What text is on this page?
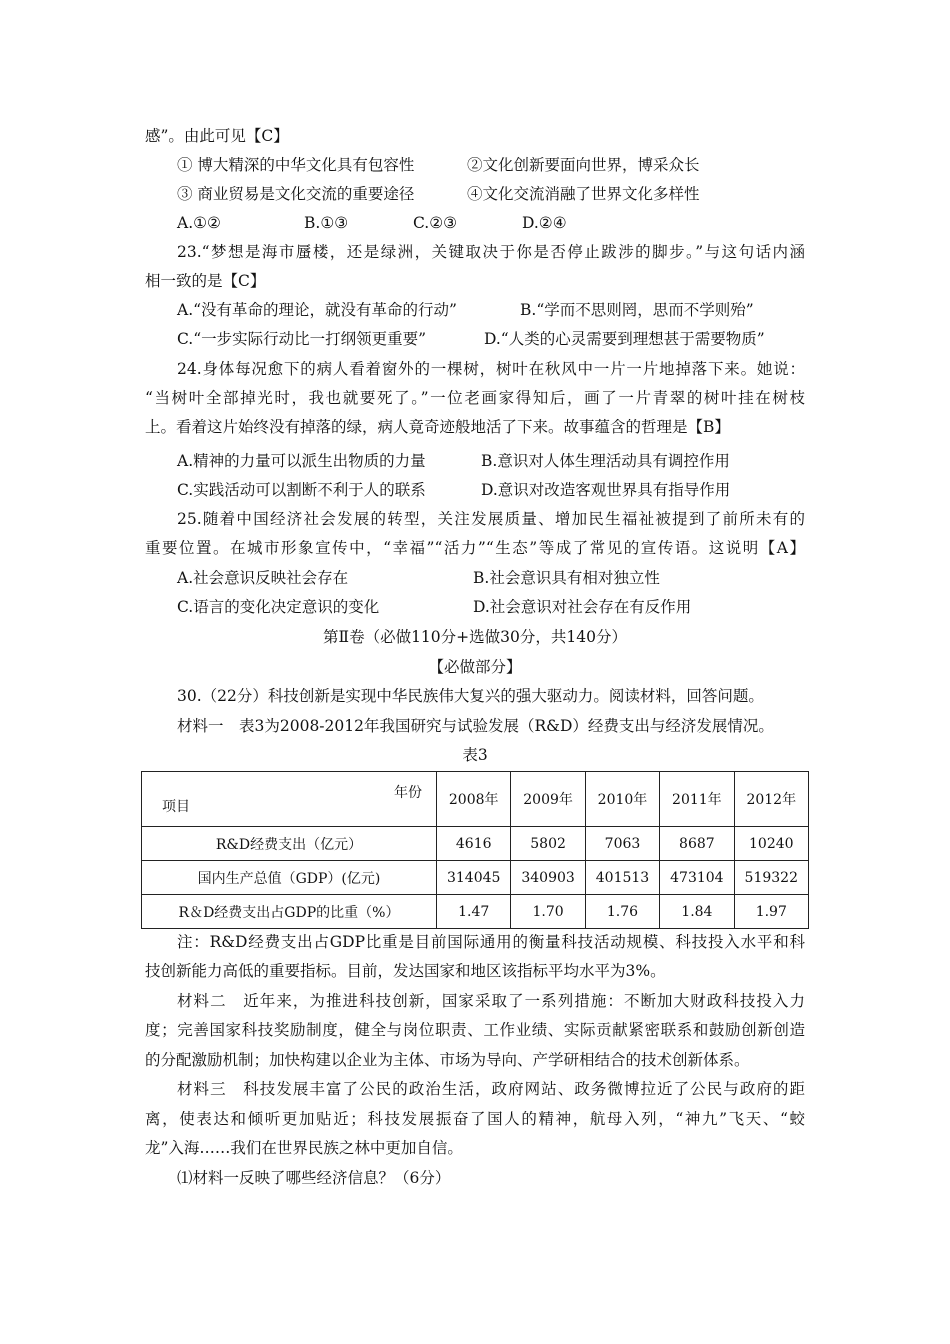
感”。由此可见【C】
① 博大精深的中华文化具有包容性	②文化创新要面向世界，博采众长
③ 商业贸易是文化交流的重要途径	④文化交流消融了世界文化多样性
A.①②	B.①③	C.②③	D.②④
23.“梦想是海市蜃楼，还是绿洲，关键取决于你是否停止跋涉的脚步。”与这句话内涵
相一致的是【C】
A.“没有革命的理论，就没有革命的行动”	B.“学而不思则罔，思而不学则殆”
C.“一步实际行动比一打纲领更重要”	D.“人类的心灵需要到理想甚于需要物质”
24.身体每况愈下的病人看着窗外的一棵树，树叶在秋风中一片一片地掉落下来。她说：
“当树叶全部掉光时，我也就要死了。”一位老画家得知后，画了一片青翠的树叶挂在树枝
上。看着这片始终没有掉落的绿，病人竟奇迹般地活了下来。故事蕴含的哲理是【B】
A.精神的力量可以派生出物质的力量	B.意识对人体生理活动具有调控作用
C.实践活动可以割断不利于人的联系	D.意识对改造客观世界具有指导作用
25.随着中国经济社会发展的转型，关注发展质量、增加民生福祉被提到了前所未有的
重要位置。在城市形象宣传中，“幸福”“活力”“生态”等成了常见的宣传语。这说明【A】
A.社会意识反映社会存在	B.社会意识具有相对独立性
C.语言的变化决定意识的变化	D.社会意识对社会存在有反作用
第Ⅱ卷（必做110分+选做30分，共140分）
【必做部分】
30.（22分）科技创新是实现中华民族伟大复兴的强大驱动力。阅读材料，回答问题。
材料一　表3为2008-2012年我国研究与试验发展（R&D）经费支出与经济发展情况。
表3
年份
项目	2008年	2009年	2010年	2011年	2012年
R&D经费支出（亿元）	4616	5802	7063	8687	10240
国内生产总值（GDP）(亿元)	314045	340903	401513	473104	519322
R＆D经费支出占GDP的比重（%）	1.47	1.70	1.76	1.84	1.97
注：R&D经费支出占GDP比重是目前国际通用的衡量科技活动规模、科技投入水平和科
技创新能力高低的重要指标。目前，发达国家和地区该指标平均水平为3%。
材料二　近年来，为推进科技创新，国家采取了一系列措施：不断加大财政科技投入力
度；完善国家科技奖励制度，健全与岗位职责、工作业绩、实际贡献紧密联系和鼓励创新创造
的分配激励机制；加快构建以企业为主体、市场为导向、产学研相结合的技术创新体系。
材料三　科技发展丰富了公民的政治生活，政府网站、政务微博拉近了公民与政府的距
离，使表达和倾听更加贴近；科技发展振奋了国人的精神，航母入列，“神九”飞天、“蛟
龙”入海……我们在世界民族之林中更加自信。
⑴材料一反映了哪些经济信息？（6分）
